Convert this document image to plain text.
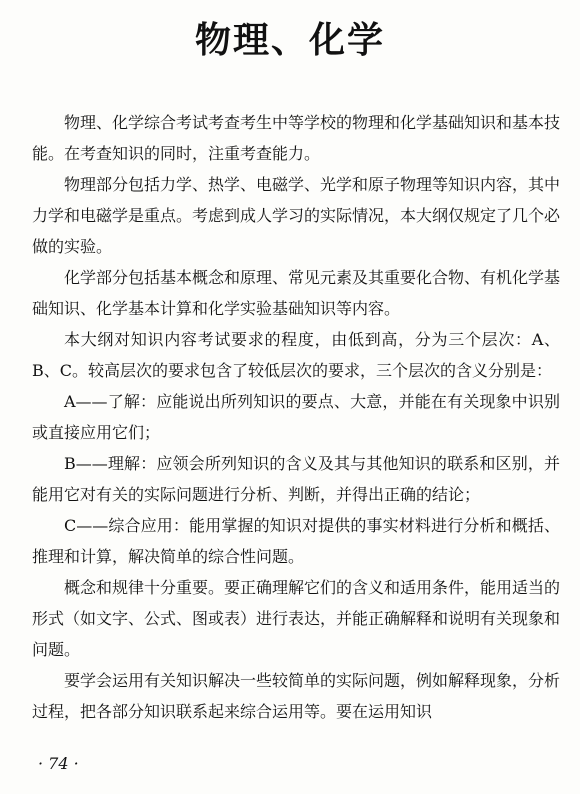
物理、化学

物理、化学综合考试考查考生中等学校的物理和化学基础知识和基本技能。在考查知识的同时，注重考查能力。

物理部分包括力学、热学、电磁学、光学和原子物理等知识内容，其中力学和电磁学是重点。考虑到成人学习的实际情况，本大纲仅规定了几个必做的实验。

化学部分包括基本概念和原理、常见元素及其重要化合物、有机化学基础知识、化学基本计算和化学实验基础知识等内容。

本大纲对知识内容考试要求的程度，由低到高，分为三个层次：A、B、C。较高层次的要求包含了较低层次的要求，三个层次的含义分别是：

A——了解：应能说出所列知识的要点、大意，并能在有关现象中识别或直接应用它们；

B——理解：应领会所列知识的含义及其与其他知识的联系和区别，并能用它对有关的实际问题进行分析、判断，并得出正确的结论；

C——综合应用：能用掌握的知识对提供的事实材料进行分析和概括、推理和计算，解决简单的综合性问题。

概念和规律十分重要。要正确理解它们的含义和适用条件，能用适当的形式（如文字、公式、图或表）进行表达，并能正确解释和说明有关现象和问题。

要学会运用有关知识解决一些较简单的实际问题，例如解释现象，分析过程，把各部分知识联系起来综合运用等。要在运用知识

· 74 ·
